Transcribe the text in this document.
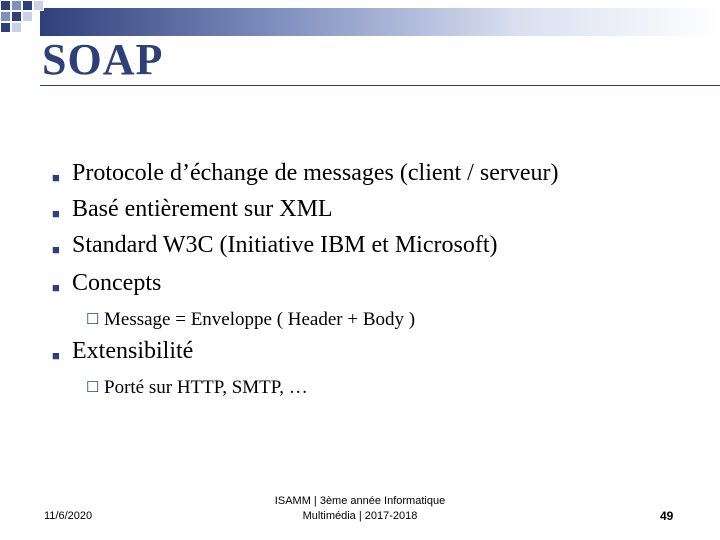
SOAP
■ Protocole d’échange de messages (client / serveur)
■ Basé entièrement sur XML
■ Standard W3C (Initiative IBM et Microsoft)
■ Concepts
☐ Message = Enveloppe ( Header + Body )
■ Extensibilité
☐ Porté sur HTTP, SMTP, …
11/6/2020
ISAMM | 3ème année Informatique
Multimédia | 2017-2018	49
